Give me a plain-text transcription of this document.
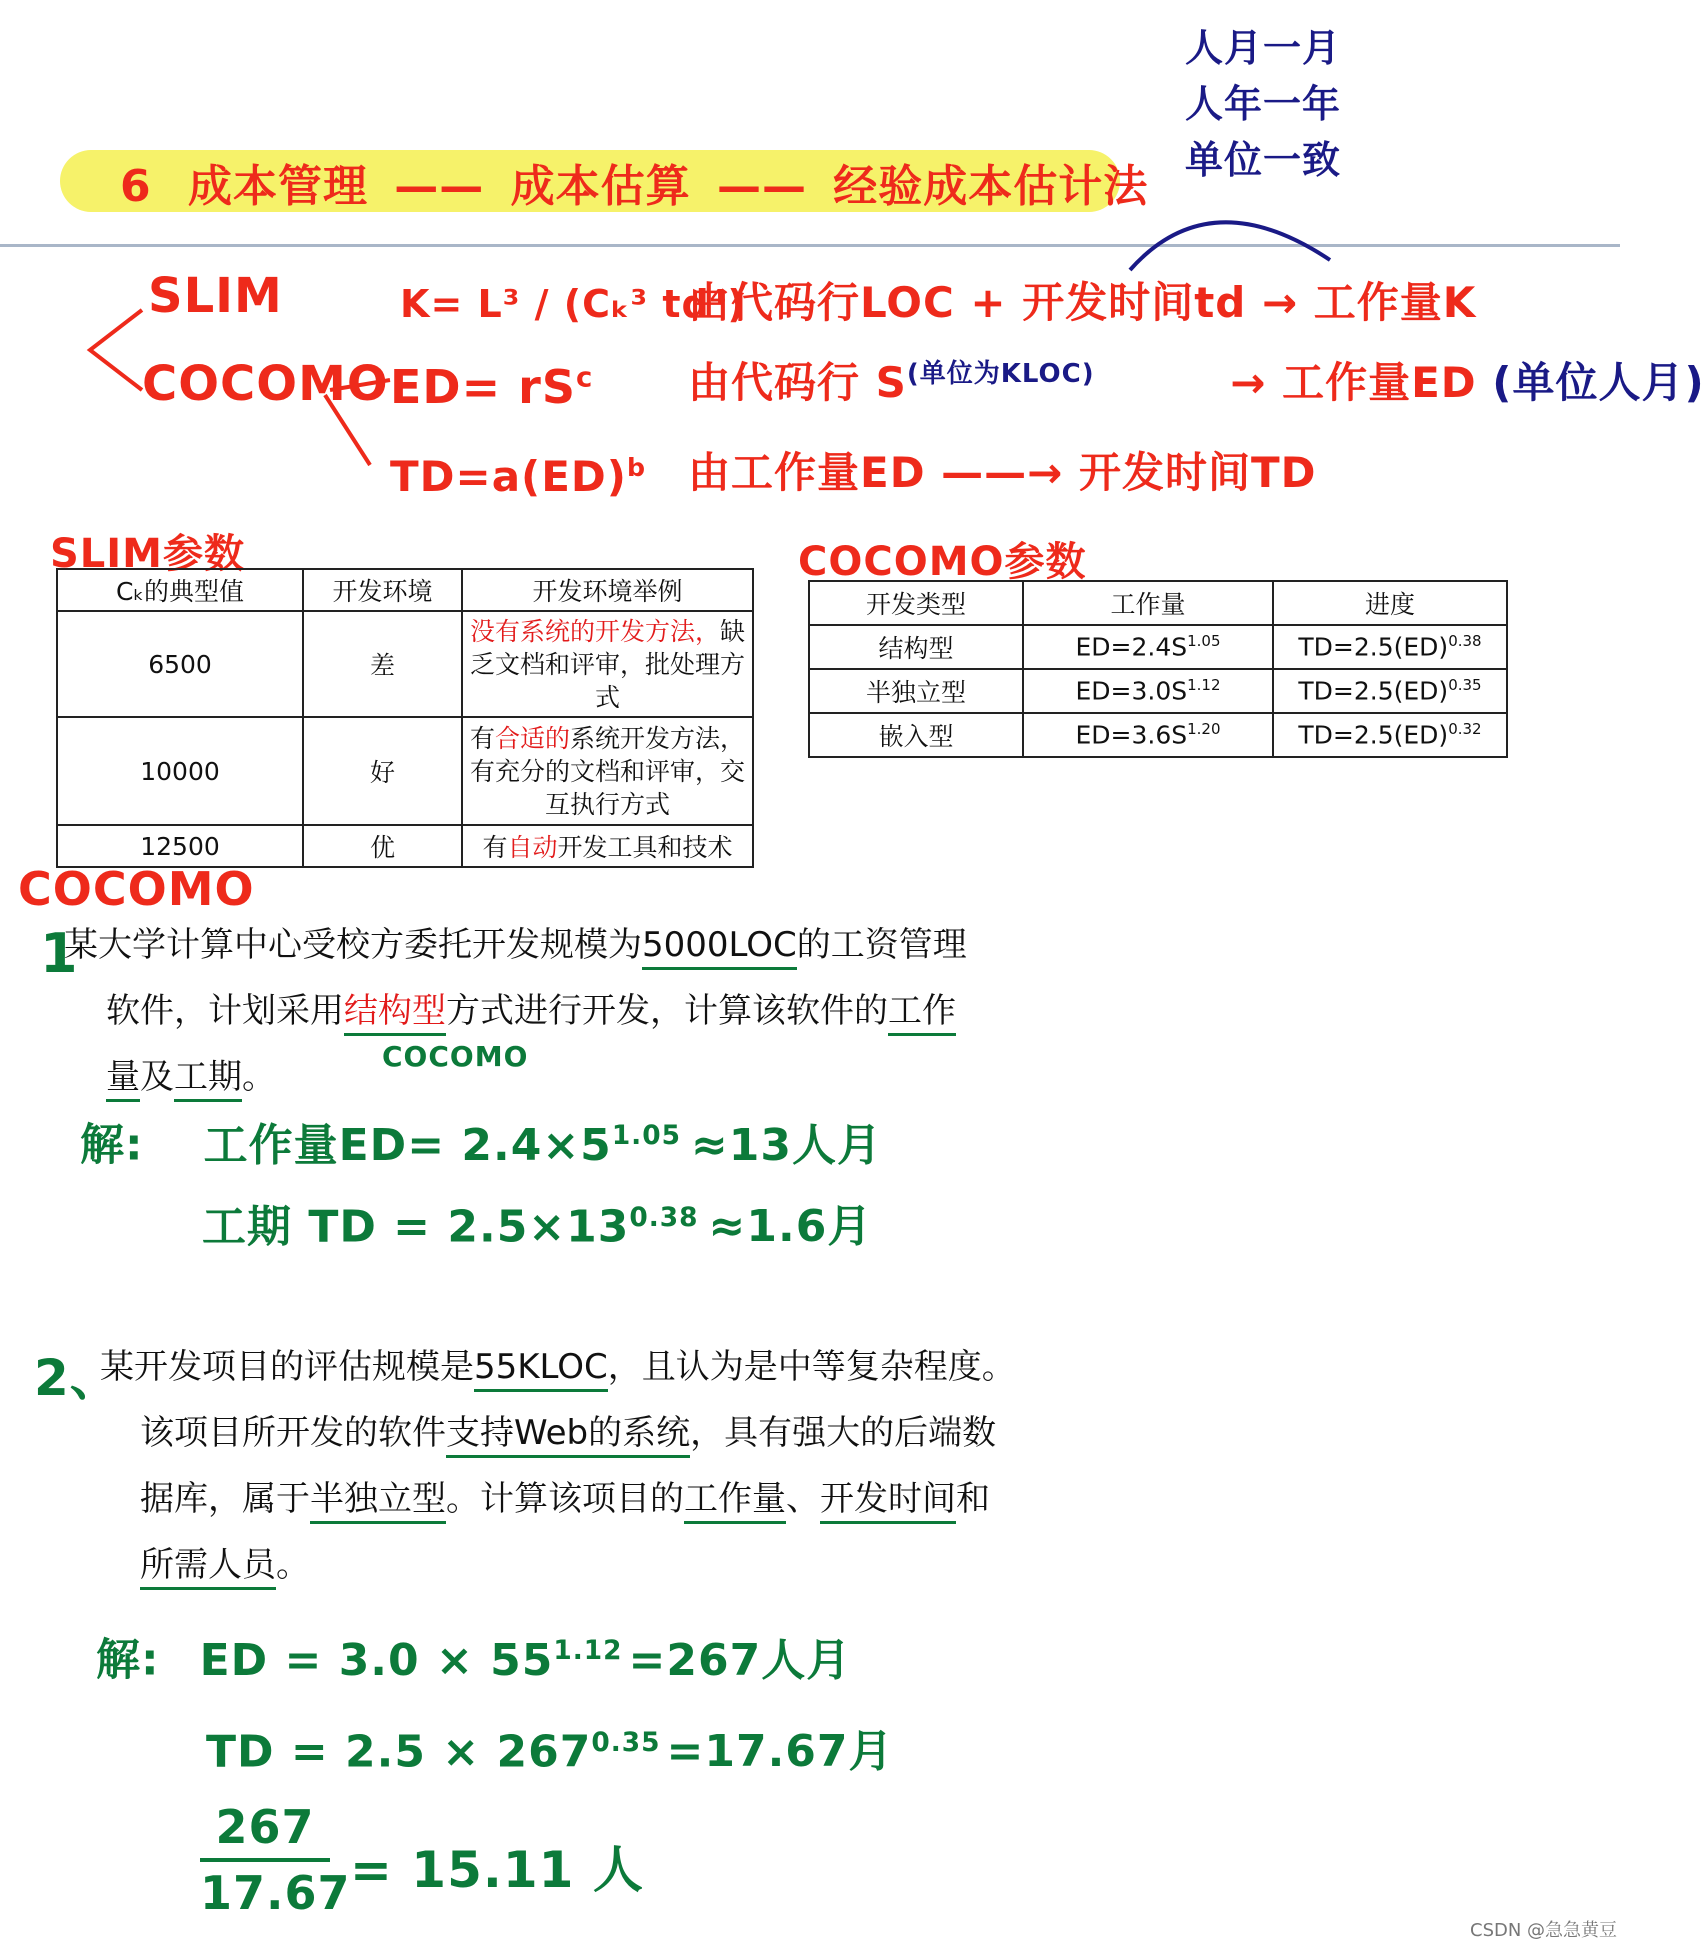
6 成本管理 —— 成本估算 —— 经验成本估计法
人月一月
人年一年
单位一致
SLIM
COCOMO
K= L³ / (Cₖ³ td⁴)
$ED= rS^c$
TD=a(ED)$^b$
由代码行LOC + 开发时间td → 工作量K
由代码行 $S^{(单位为KLOC)}$	→ 工作量ED (单位人月)
由工作量ED ——→ 开发时间TD
SLIM参数
Cₖ的典型值	开发环境	开发环境举例
6500	差	没有系统的开发方法，缺乏文档和评审，批处理方式
10000	好	有合适的系统开发方法，有充分的文档和评审，交互执行方式
12500	优	有自动开发工具和技术
COCOMO参数
开发类型	工作量	进度
结构型	$ED=2.4S^{1.05}$	TD=2.5(ED)$^{0.38}$
半独立型	$ED=3.0S^{1.12}$	TD=2.5(ED)$^{0.35}$
嵌入型	$ED=3.6S^{1.20}$	TD=2.5(ED)$^{0.32}$
COCOMO
1
某大学计算中心受校方委托开发规模为5000LOC的工资管理
软件，计划采用结构型方式进行开发，计算该软件的工作
量及工期。
COCOMO
解: 工作量$ED= 2.4\times 5^{1.05} \approx 13$人月
工期 TD = $2.5\times 13^{0.38} \approx 1.6$月
2、
某开发项目的评估规模是55KLOC，且认为是中等复杂程度。
该项目所开发的软件支持Web的系统，具有强大的后端数
据库，属于半独立型。计算该项目的工作量、开发时间和
所需人员。
解: ED = $3.0 \times 55^{1.12} =267$人月
TD = $2.5 \times 267^{0.35} =17.67$月
267
17.67 = 15.11 人
CSDN @急急黄豆
